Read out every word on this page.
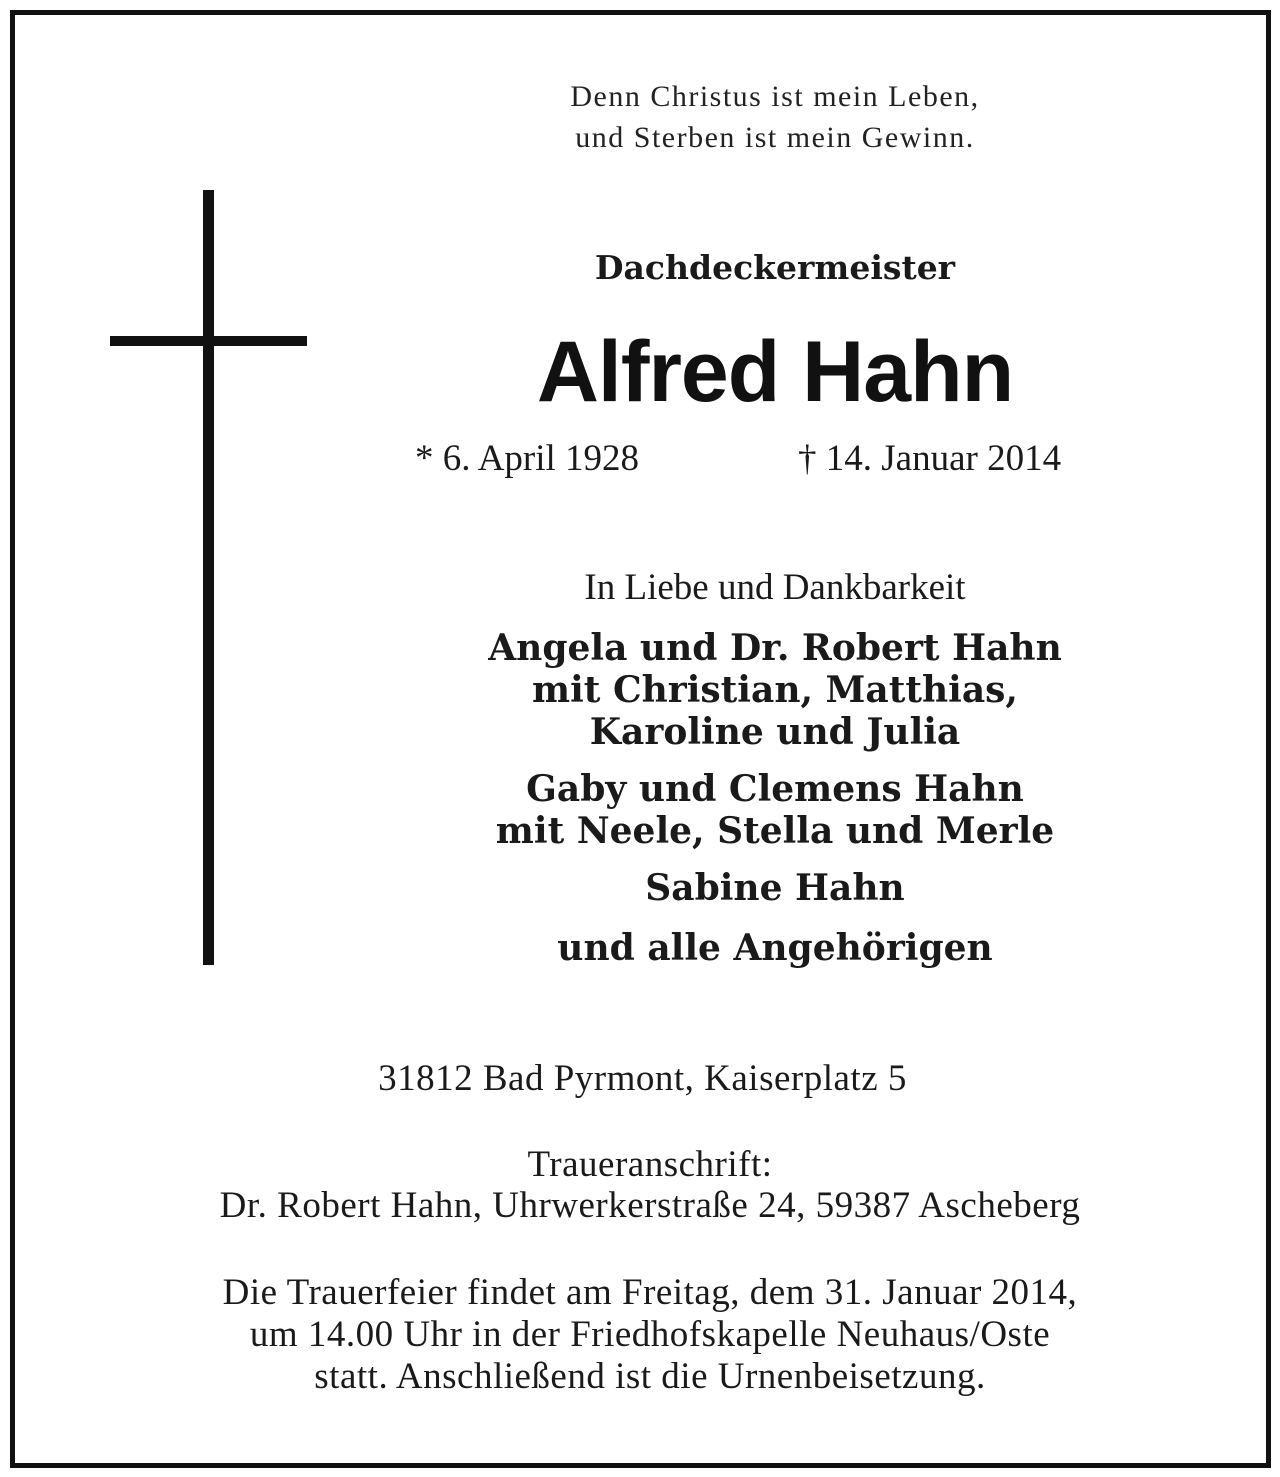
Denn Christus ist mein Leben,
und Sterben ist mein Gewinn.
Dachdeckermeister
Alfred Hahn
* 6. April 1928	† 14. Januar 2014
In Liebe und Dankbarkeit
Angela und Dr. Robert Hahn
mit Christian, Matthias,
Karoline und Julia
Gaby und Clemens Hahn
mit Neele, Stella und Merle
Sabine Hahn
und alle Angehörigen
31812 Bad Pyrmont, Kaiserplatz 5
Traueranschrift:
Dr. Robert Hahn, Uhrwerkerstraße 24, 59387 Ascheberg
Die Trauerfeier findet am Freitag, dem 31. Januar 2014,
um 14.00 Uhr in der Friedhofskapelle Neuhaus/Oste
statt. Anschließend ist die Urnenbeisetzung.
